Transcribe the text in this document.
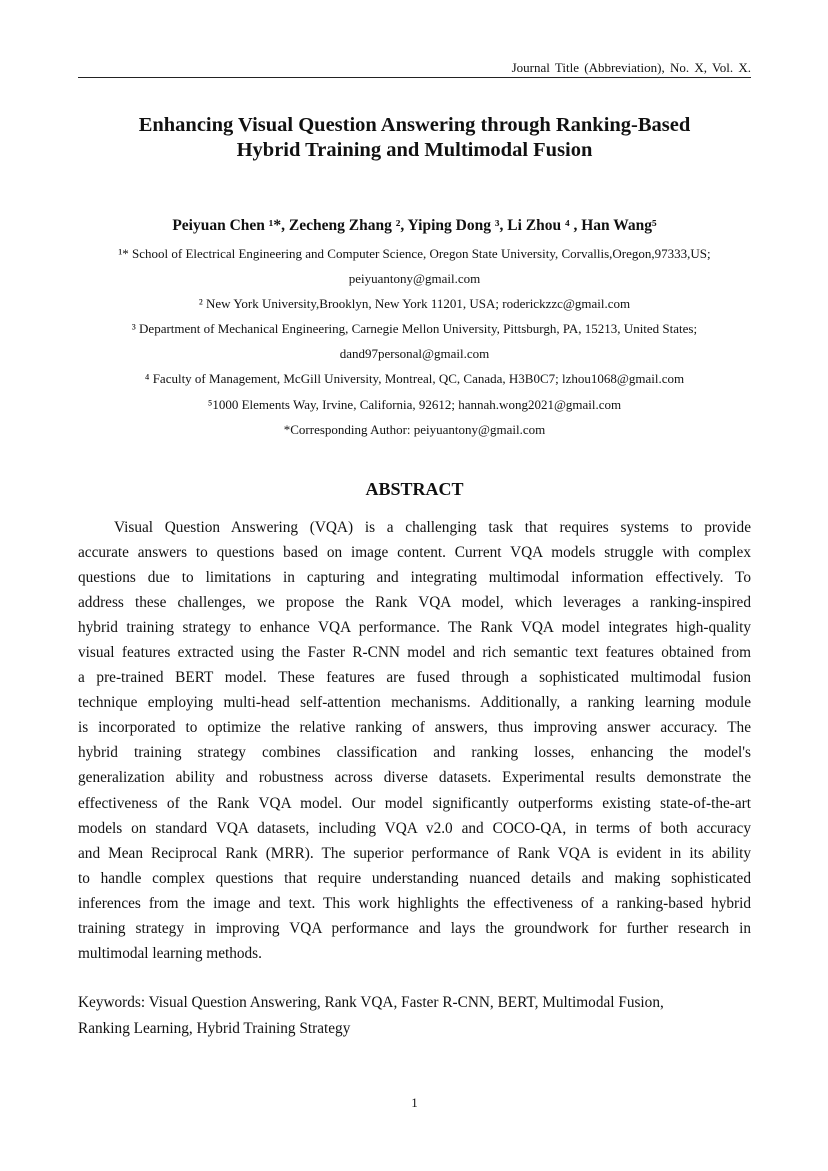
Journal Title (Abbreviation), No. X, Vol. X.
Enhancing Visual Question Answering through Ranking-Based
Hybrid Training and Multimodal Fusion
Peiyuan Chen ¹*, Zecheng Zhang ², Yiping Dong ³, Li Zhou ⁴ , Han Wang⁵
¹* School of Electrical Engineering and Computer Science, Oregon State University, Corvallis,Oregon,97333,US;
peiyuantony@gmail.com
² New York University,Brooklyn, New York 11201, USA; roderickzzc@gmail.com
³ Department of Mechanical Engineering, Carnegie Mellon University, Pittsburgh, PA, 15213, United States;
dand97personal@gmail.com
⁴ Faculty of Management, McGill University, Montreal, QC, Canada, H3B0C7; lzhou1068@gmail.com
⁵1000 Elements Way, Irvine, California, 92612; hannah.wong2021@gmail.com
*Corresponding Author: peiyuantony@gmail.com
ABSTRACT
Visual Question Answering (VQA) is a challenging task that requires systems to provide
accurate answers to questions based on image content. Current VQA models struggle with complex
questions due to limitations in capturing and integrating multimodal information effectively. To
address these challenges, we propose the Rank VQA model, which leverages a ranking-inspired
hybrid training strategy to enhance VQA performance. The Rank VQA model integrates high-quality
visual features extracted using the Faster R-CNN model and rich semantic text features obtained from
a pre-trained BERT model. These features are fused through a sophisticated multimodal fusion
technique employing multi-head self-attention mechanisms. Additionally, a ranking learning module
is incorporated to optimize the relative ranking of answers, thus improving answer accuracy. The
hybrid training strategy combines classification and ranking losses, enhancing the model's
generalization ability and robustness across diverse datasets. Experimental results demonstrate the
effectiveness of the Rank VQA model. Our model significantly outperforms existing state-of-the-art
models on standard VQA datasets, including VQA v2.0 and COCO-QA, in terms of both accuracy
and Mean Reciprocal Rank (MRR). The superior performance of Rank VQA is evident in its ability
to handle complex questions that require understanding nuanced details and making sophisticated
inferences from the image and text. This work highlights the effectiveness of a ranking-based hybrid
training strategy in improving VQA performance and lays the groundwork for further research in
multimodal learning methods.
Keywords: Visual Question Answering, Rank VQA, Faster R-CNN, BERT, Multimodal Fusion,
Ranking Learning, Hybrid Training Strategy
1
